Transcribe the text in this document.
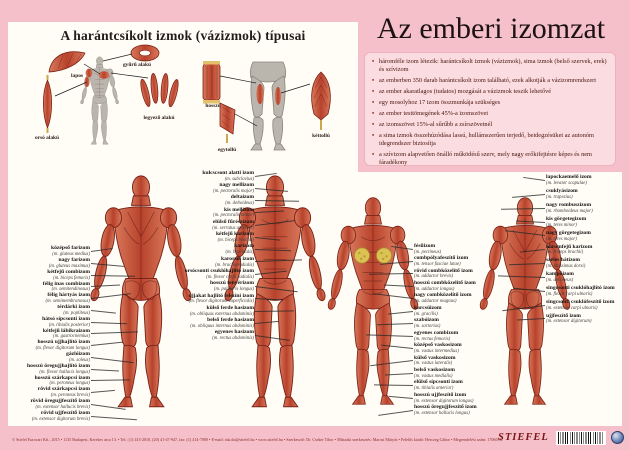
A harántcsíkolt izmok (vázizmok) típusai
lapos
gyűrű alakú
orsó alakú
legyező alakú
hosszú
egytollú
kéttollú
Az emberi izomzat
• háromféle izom létezik: harántcsíkolt izmok (vázizmok), sima izmok (belső szervek, erek) és szívizom
• az emberben 350 darab harántcsíkolt izom található, ezek alkotják a vázizomrendszert
• az ember akaratlagos (tudatos) mozgását a vázizmok teszik lehetővé
• egy mosolyhoz 17 izom összmunkája szükséges
• az ember testtömegének 45%-a izomszövet
• az izomszövet 15%-al sűrűbb a zsírszövetnél
• a sima izmok összehúzódása lassú, hullámszerűen terjedő, beidegzésüket az autonóm idegrendszer biztosítja
• a szívizom alapvetően önálló működésű szerv, mely nagy erőkifejtésre képes és nem fáradékony
középső farizom
(m. gluteus medius)
nagy farizom
(m. gluteus maximus)
kétfejű combizom
(m. biceps femoris)
félig inas combizom
(m. semitendinosus)
félig hártyás izom
(m. semimembranosus)
térdárki izom
(m. popliteus)
hátsó sípcsonti izom
(m. tibialis posterior)
kétfejű lábikraizom
(m. gastrocnemius)
hosszú ujjhajlító izom
(m. flexor digitorum longus)
gázlóizom
(m. soleus)
hosszú öregujjhajlító izom
(m. flexor hallucis longus)
hosszú szárkapcsi izom
(m. peroneus longus)
rövid szárkapcsi izom
(m. peroneus brevis)
rövid öregujjfeszítő izom
(m. extensor hallucis brevis)
rövid ujjfeszítő izom
(m. extensor digitorum brevis)
kulcscsont alatti izom
(m. subclavius)
nagy mellizom
(m. pectoralis major)
deltaizom
(m. deltoideus)
kis mellizom
(m. pectoralis minor)
elülső fűrészizom
(m. serratus anterior)
kétfejű karizom
(m. biceps brachii)
karizom
(m. brachialis)
karorsói izom
(m. brachioradialis)
orsócsonti csuklóhajlító izom
(m. flexor carpi radialis)
hosszú tenyérizom
(m. palmaris longus)
ujjakat hajlító felszíni izom
(m. flexor digitorum superficialis)
külső ferde hasizom
(m. obliquus externus abdominis)
belső ferde hasizom
(m. obliquus internus abdominis)
egyenes hasizom
(m. rectus abdominis)
fésűizom
(m. pectineus)
combpólyafeszítő izom
(m. tensor fasciae latae)
rövid combközelítő izom
(m. adductor brevis)
hosszú combközelítő izom
(m. adductor longus)
nagy combközelítő izom
(m. adductor magnus)
karcsúizom
(m. gracilis)
szabóizom
(m. sartorius)
egyenes combizom
(m. rectus femoris)
középső vaskosizom
(m. vastus intermedius)
külső vaskosizom
(m. vastus lateralis)
belső vaskosizom
(m. vastus medialis)
elülső sípcsonti izom
(m. tibialis anterior)
hosszú ujjfeszítő izom
(m. extensor digitorum longus)
hosszú öregujjfeszítő izom
(m. extensor hallucis longus)
lapockaemelő izom
(m. levator scapulae)
csuklyásizom
(m. trapezius)
nagy rombuszizom
(m. rhomboideus major)
kis görgetegizom
(m. teres minor)
nagy görgetegizom
(m. teres major)
háromfejű karizom
(m. triceps brachii)
széles hátizom
(m. latissimus dorsi)
kampóizom
(m. anconeus)
singcsonti csuklóhajlító izom
(m. flexor carpi ulnaris)
singcsonti csuklófeszítő izom
(m. extensor carpi ulnaris)
ujjfeszítő izom
(m. extensor digitorum)
© Stiefel Eurocart Kft., 2015 • 1135 Budapest, Kerekes utca 13. • Tel.: (1) 413-2010, (20) 41-47-947, fax: (1) 414-7080 • E-mail: iskolai@stiefel.hu • www.stiefel.hu • Szerkesztő: Dr. Cseker Tibor • Műszaki szerkesztés: Marosi Mátyás • Felelős kiadó: Herczeg Gábor • Megrendelési szám: 170667K
STIEFEL
